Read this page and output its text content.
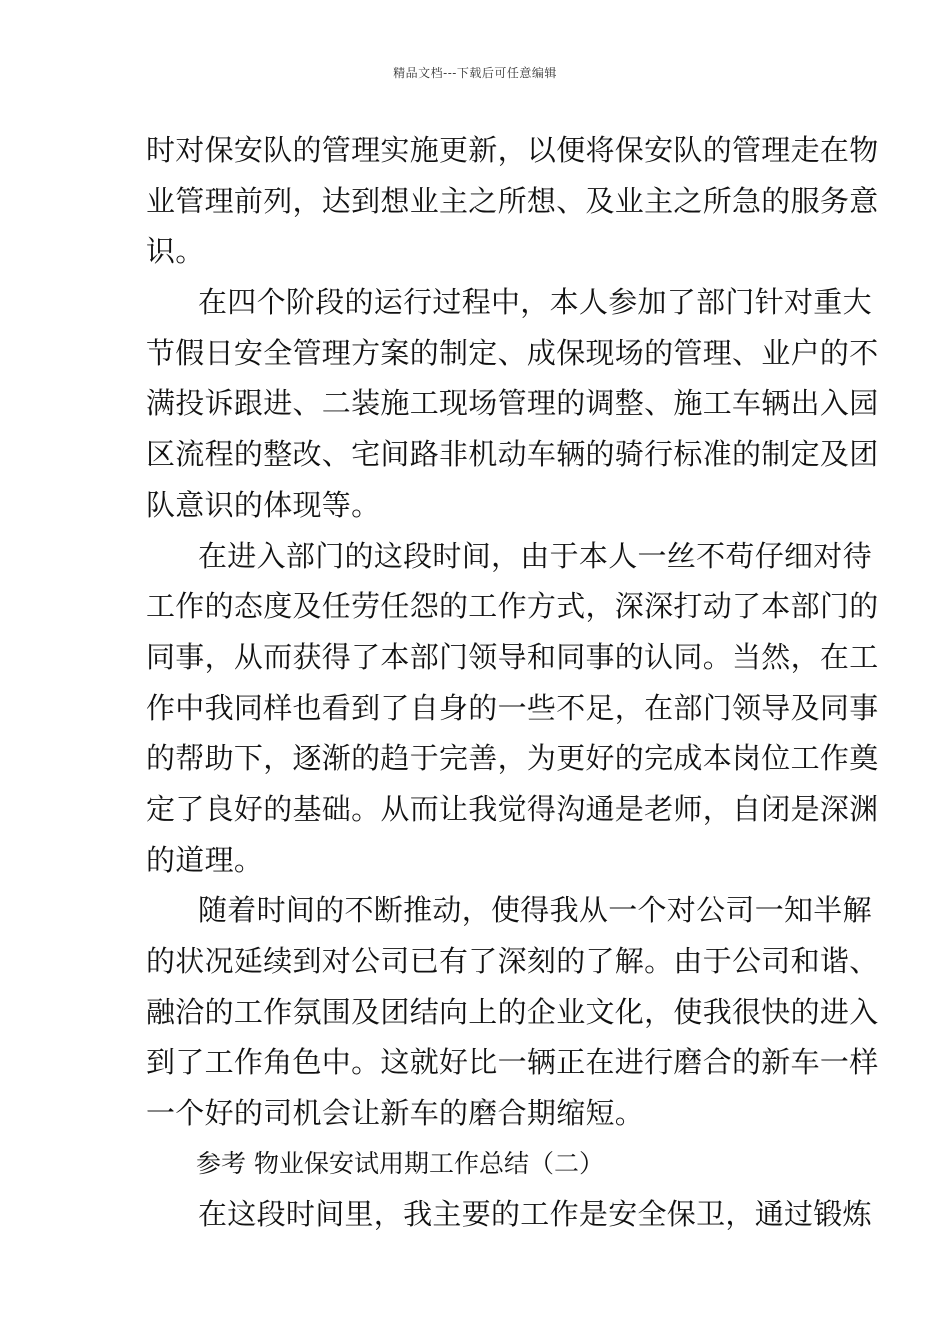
精品文档---下载后可任意编辑
时对保安队的管理实施更新，以便将保安队的管理走在物
业管理前列，达到想业主之所想、及业主之所急的服务意
识。
在四个阶段的运行过程中，本人参加了部门针对重大
节假日安全管理方案的制定、成保现场的管理、业户的不
满投诉跟进、二装施工现场管理的调整、施工车辆出入园
区流程的整改、宅间路非机动车辆的骑行标准的制定及团
队意识的体现等。
在进入部门的这段时间，由于本人一丝不苟仔细对待
工作的态度及任劳任怨的工作方式，深深打动了本部门的
同事，从而获得了本部门领导和同事的认同。当然，在工
作中我同样也看到了自身的一些不足，在部门领导及同事
的帮助下，逐渐的趋于完善，为更好的完成本岗位工作奠
定了良好的基础。从而让我觉得沟通是老师，自闭是深渊
的道理。
随着时间的不断推动，使得我从一个对公司一知半解
的状况延续到对公司已有了深刻的了解。由于公司和谐、
融洽的工作氛围及团结向上的企业文化，使我很快的进入
到了工作角色中。这就好比一辆正在进行磨合的新车一样
一个好的司机会让新车的磨合期缩短。
参考 物业保安试用期工作总结（二）
在这段时间里，我主要的工作是安全保卫，通过锻炼
